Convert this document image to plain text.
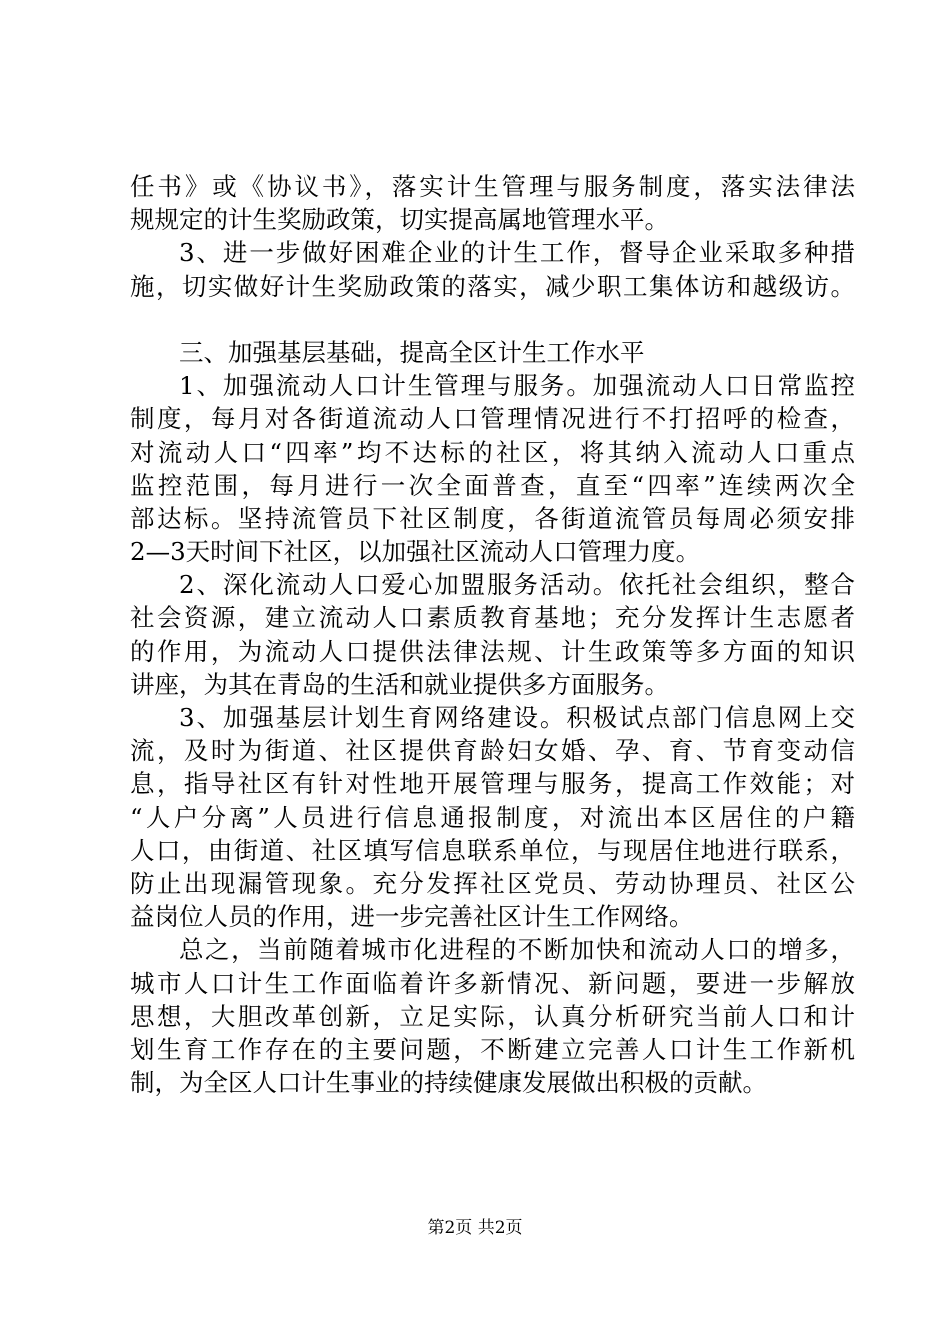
任书》或《协议书》，落实计生管理与服务制度，落实法律法
规规定的计生奖励政策，切实提高属地管理水平。
3、进一步做好困难企业的计生工作，督导企业采取多种措
施，切实做好计生奖励政策的落实，减少职工集体访和越级访。
三、加强基层基础，提高全区计生工作水平
1、加强流动人口计生管理与服务。加强流动人口日常监控
制度，每月对各街道流动人口管理情况进行不打招呼的检查，
对流动人口“四率”均不达标的社区，将其纳入流动人口重点
监控范围，每月进行一次全面普查，直至“四率”连续两次全
部达标。坚持流管员下社区制度，各街道流管员每周必须安排
2—3天时间下社区，以加强社区流动人口管理力度。
2、深化流动人口爱心加盟服务活动。依托社会组织，整合
社会资源，建立流动人口素质教育基地；充分发挥计生志愿者
的作用，为流动人口提供法律法规、计生政策等多方面的知识
讲座，为其在青岛的生活和就业提供多方面服务。
3、加强基层计划生育网络建设。积极试点部门信息网上交
流，及时为街道、社区提供育龄妇女婚、孕、育、节育变动信
息，指导社区有针对性地开展管理与服务，提高工作效能；对
“人户分离”人员进行信息通报制度，对流出本区居住的户籍
人口，由街道、社区填写信息联系单位，与现居住地进行联系，
防止出现漏管现象。充分发挥社区党员、劳动协理员、社区公
益岗位人员的作用，进一步完善社区计生工作网络。
总之，当前随着城市化进程的不断加快和流动人口的增多，
城市人口计生工作面临着许多新情况、新问题，要进一步解放
思想，大胆改革创新，立足实际，认真分析研究当前人口和计
划生育工作存在的主要问题，不断建立完善人口计生工作新机
制，为全区人口计生事业的持续健康发展做出积极的贡献。
第2页 共2页
